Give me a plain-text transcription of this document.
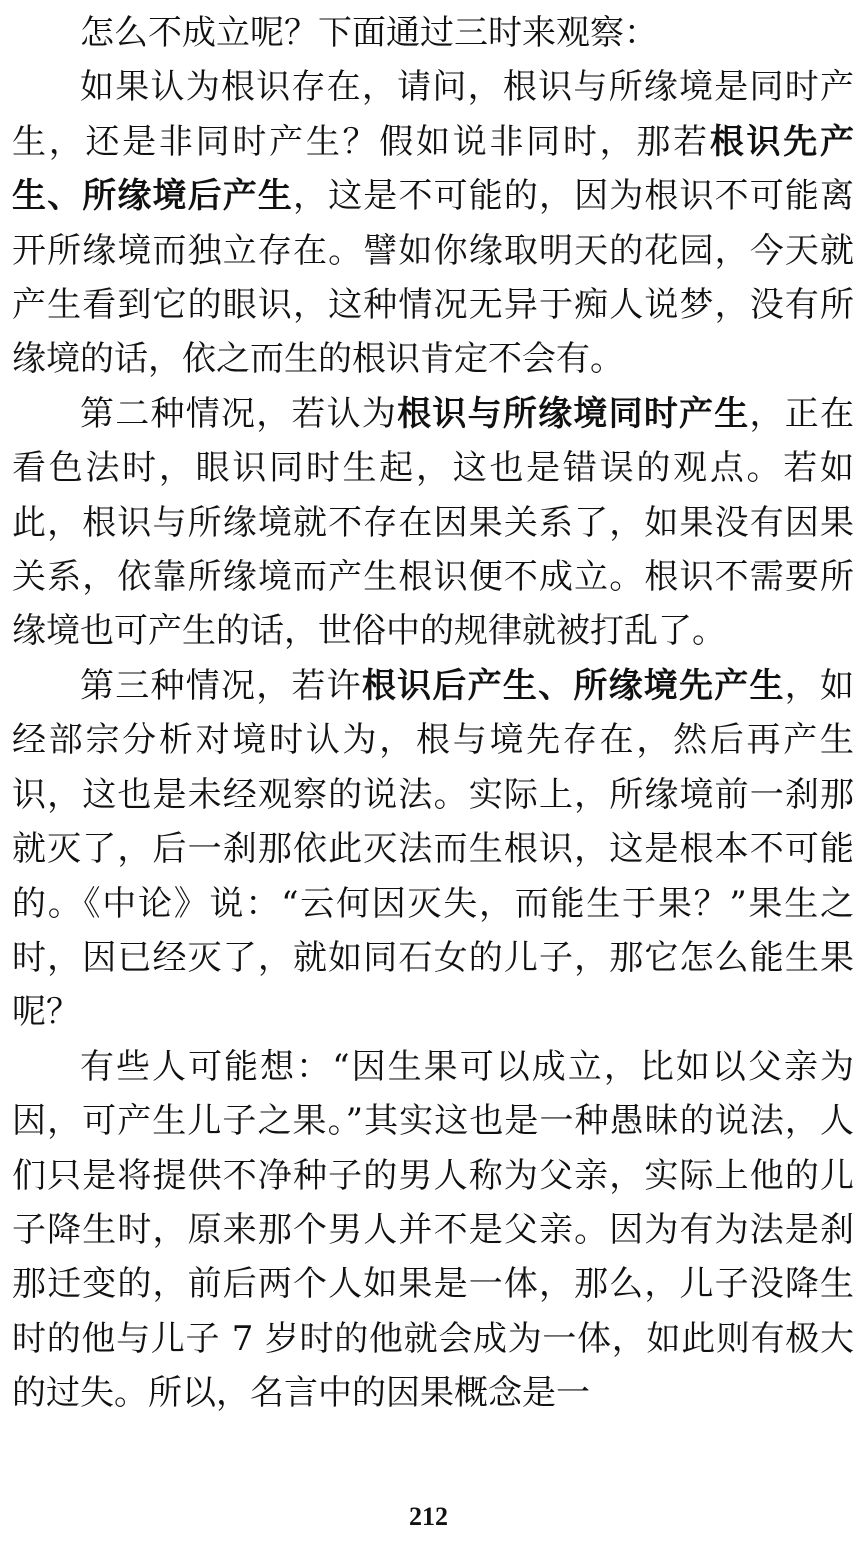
怎么不成立呢？下面通过三时来观察：

如果认为根识存在，请问，根识与所缘境是同时产生，还是非同时产生？假如说非同时，那若根识先产生、所缘境后产生，这是不可能的，因为根识不可能离开所缘境而独立存在。譬如你缘取明天的花园，今天就产生看到它的眼识，这种情况无异于痴人说梦，没有所缘境的话，依之而生的根识肯定不会有。

第二种情况，若认为根识与所缘境同时产生，正在看色法时，眼识同时生起，这也是错误的观点。若如此，根识与所缘境就不存在因果关系了，如果没有因果关系，依靠所缘境而产生根识便不成立。根识不需要所缘境也可产生的话，世俗中的规律就被打乱了。

第三种情况，若许根识后产生、所缘境先产生，如经部宗分析对境时认为，根与境先存在，然后再产生识，这也是未经观察的说法。实际上，所缘境前一刹那就灭了，后一刹那依此灭法而生根识，这是根本不可能的。《中论》说：“云何因灭失，而能生于果？”果生之时，因已经灭了，就如同石女的儿子，那它怎么能生果呢？

有些人可能想：“因生果可以成立，比如以父亲为因，可产生儿子之果。”其实这也是一种愚昧的说法，人们只是将提供不净种子的男人称为父亲，实际上他的儿子降生时，原来那个男人并不是父亲。因为有为法是刹那迁变的，前后两个人如果是一体，那么，儿子没降生时的他与儿子 7 岁时的他就会成为一体，如此则有极大的过失。所以，名言中的因果概念是一

212
